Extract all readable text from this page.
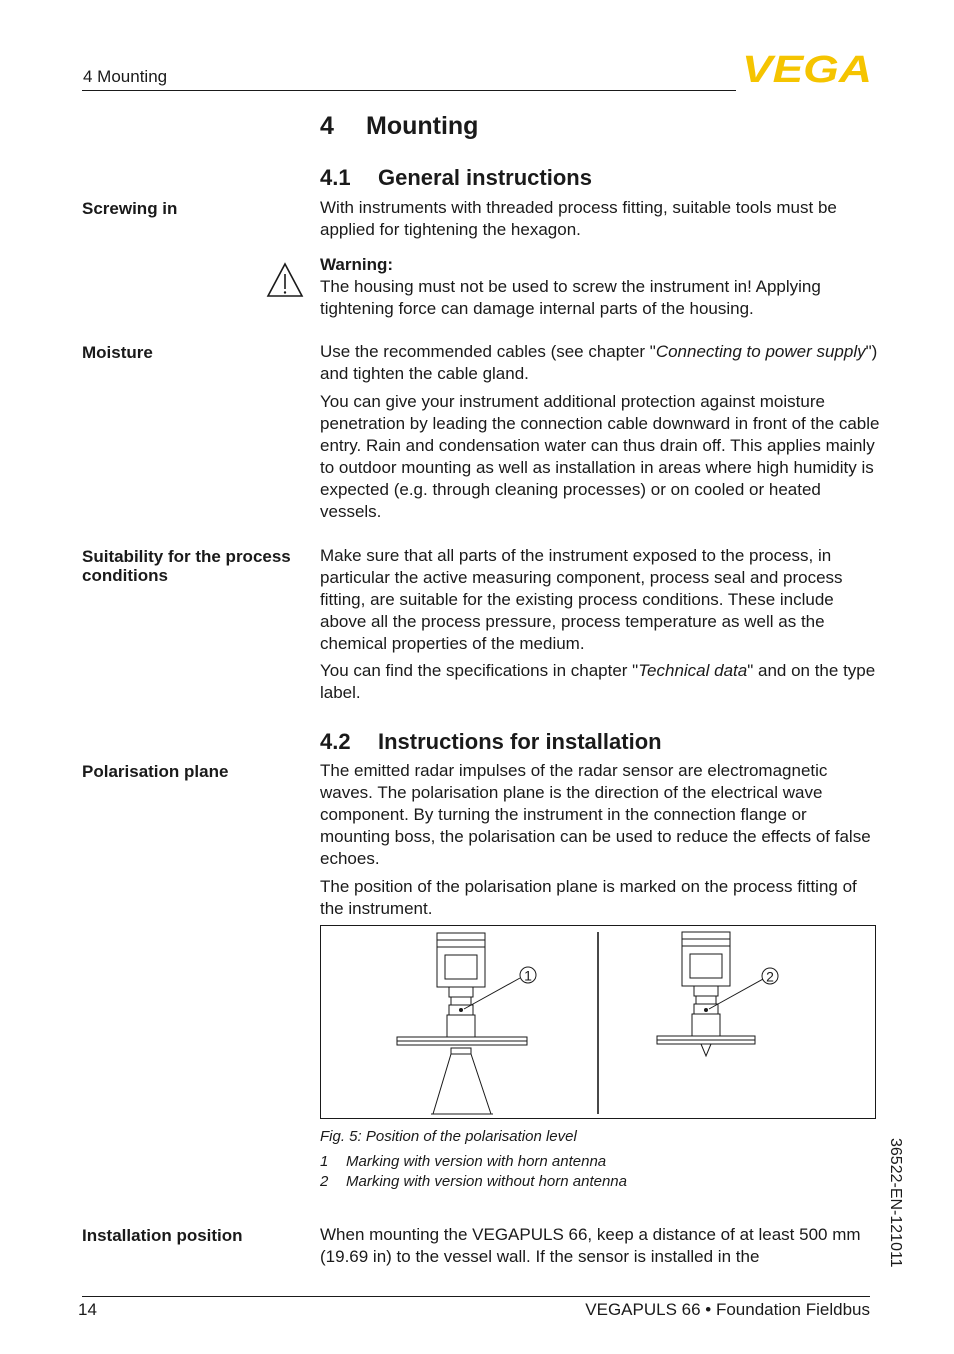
4 Mounting	VEGA
4 Mounting
4.1 General instructions
Screwing in	With instruments with threaded process fitting, suitable tools must be applied for tightening the hexagon.
Warning:
The housing must not be used to screw the instrument in! Applying tightening force can damage internal parts of the housing.
Moisture	Use the recommended cables (see chapter "Connecting to power supply") and tighten the cable gland.
You can give your instrument additional protection against moisture penetration by leading the connection cable downward in front of the cable entry. Rain and condensation water can thus drain off. This applies mainly to outdoor mounting as well as installation in areas where high humidity is expected (e.g. through cleaning processes) or on cooled or heated vessels.
Suitability for the process conditions
Make sure that all parts of the instrument exposed to the process, in particular the active measuring component, process seal and process fitting, are suitable for the existing process conditions. These include above all the process pressure, process temperature as well as the chemical properties of the medium.
You can find the specifications in chapter "Technical data" and on the type label.
4.2 Instructions for installation
Polarisation plane	The emitted radar impulses of the radar sensor are electromagnetic waves. The polarisation plane is the direction of the electrical wave component. By turning the instrument in the connection flange or mounting boss, the polarisation can be used to reduce the effects of false echoes.
The position of the polarisation plane is marked on the process fitting of the instrument.
1	2
Fig. 5: Position of the polarisation level
1 Marking with version with horn antenna
2 Marking with version without horn antenna
Installation position	When mounting the VEGAPULS 66, keep a distance of at least 500 mm (19.69 in) to the vessel wall. If the sensor is installed in the	36522-EN-121011
14	VEGAPULS 66 • Foundation Fieldbus
